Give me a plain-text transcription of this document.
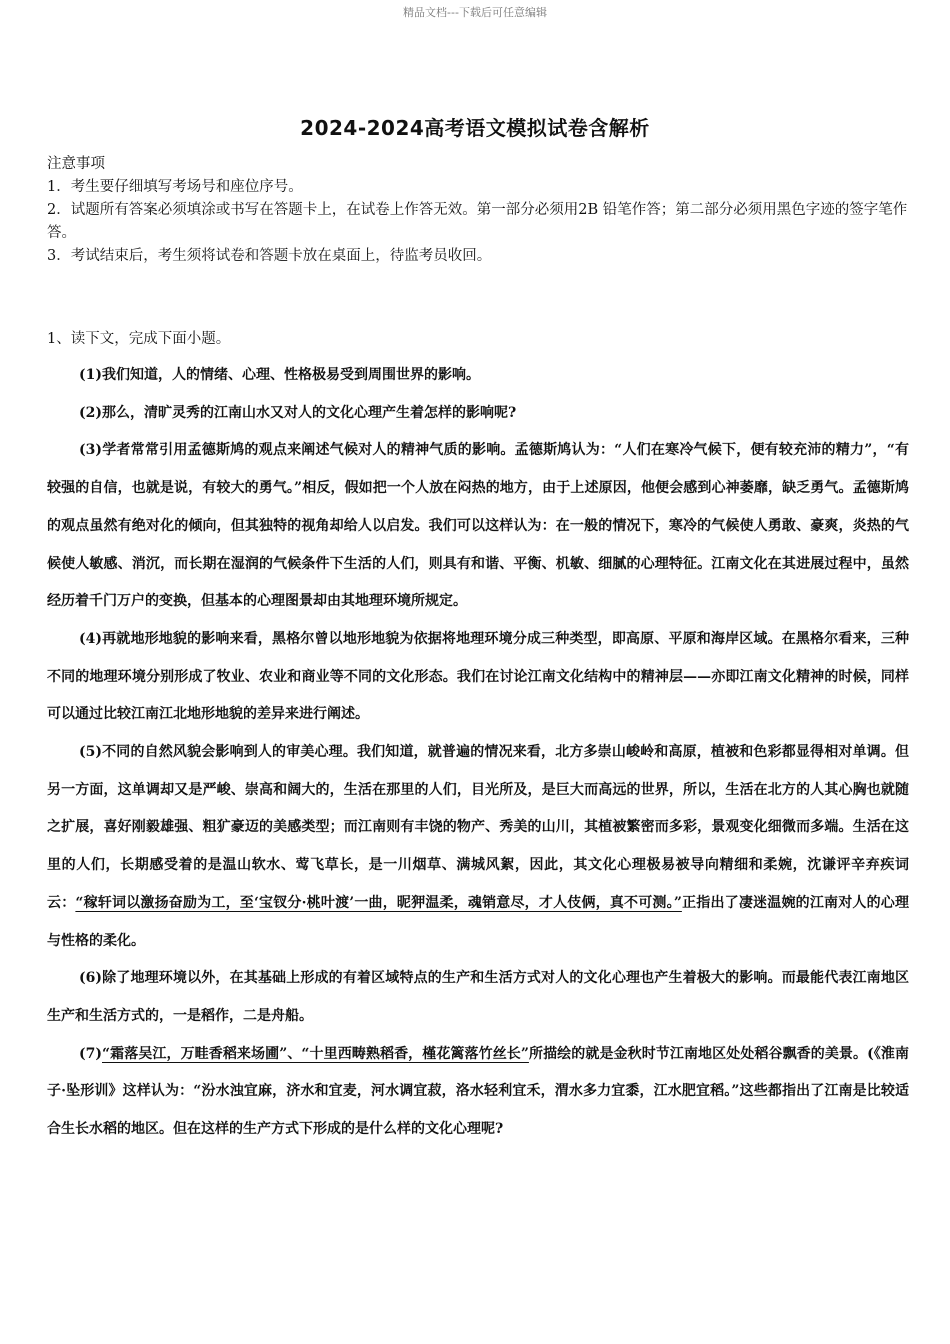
精品文档---下载后可任意编辑
2024-2024高考语文模拟试卷含解析

注意事项

1．考生要仔细填写考场号和座位序号。

2．试题所有答案必须填涂或书写在答题卡上，在试卷上作答无效。第一部分必须用2B 铅笔作答；第二部分必须用黑色字迹的签字笔作答。

3．考试结束后，考生须将试卷和答题卡放在桌面上，待监考员收回。

1、读下文，完成下面小题。

(1)我们知道，人的情绪、心理、性格极易受到周围世界的影响。

(2)那么，清旷灵秀的江南山水又对人的文化心理产生着怎样的影响呢?

(3)学者常常引用孟德斯鸠的观点来阐述气候对人的精神气质的影响。孟德斯鸠认为：“人们在寒冷气候下，便有较充沛的精力”，“有较强的自信，也就是说，有较大的勇气。”相反，假如把一个人放在闷热的地方，由于上述原因，他便会感到心神萎靡，缺乏勇气。孟德斯鸠的观点虽然有绝对化的倾向，但其独特的视角却给人以启发。我们可以这样认为：在一般的情况下，寒冷的气候使人勇敢、豪爽，炎热的气候使人敏感、消沉，而长期在湿润的气候条件下生活的人们，则具有和谐、平衡、机敏、细腻的心理特征。江南文化在其进展过程中，虽然经历着千门万户的变换，但基本的心理图景却由其地理环境所规定。

(4)再就地形地貌的影响来看，黑格尔曾以地形地貌为依据将地理环境分成三种类型，即高原、平原和海岸区域。在黑格尔看来，三种不同的地理环境分别形成了牧业、农业和商业等不同的文化形态。我们在讨论江南文化结构中的精神层——亦即江南文化精神的时候，同样可以通过比较江南江北地形地貌的差异来进行阐述。

(5)不同的自然风貌会影响到人的审美心理。我们知道，就普遍的情况来看，北方多崇山峻岭和高原，植被和色彩都显得相对单调。但另一方面，这单调却又是严峻、崇高和阔大的，生活在那里的人们，目光所及，是巨大而高远的世界，所以，生活在北方的人其心胸也就随之扩展，喜好刚毅雄强、粗犷豪迈的美感类型；而江南则有丰饶的物产、秀美的山川，其植被繁密而多彩，景观变化细微而多端。生活在这里的人们，长期感受着的是温山软水、莺飞草长，是一川烟草、满城风絮，因此，其文化心理极易被导向精细和柔婉，沈谦评辛弃疾词云：“稼轩词以激扬奋励为工，至‘宝钗分·桃叶渡’一曲，昵狎温柔，魂销意尽，才人伎俩，真不可测。”正指出了凄迷温婉的江南对人的心理与性格的柔化。

(6)除了地理环境以外，在其基础上形成的有着区域特点的生产和生活方式对人的文化心理也产生着极大的影响。而最能代表江南地区生产和生活方式的，一是稻作，二是舟船。

(7)“霜落吴江，万畦香稻来场圃”、“十里西畴熟稻香，槿花篱落竹丝长”所描绘的就是金秋时节江南地区处处稻谷飘香的美景。(《淮南子·坠形训》这样认为：“汾水浊宜麻，济水和宜麦，河水调宜菽，洛水轻利宜禾，渭水多力宜黍，江水肥宜稻。”这些都指出了江南是比较适合生长水稻的地区。但在这样的生产方式下形成的是什么样的文化心理呢?
